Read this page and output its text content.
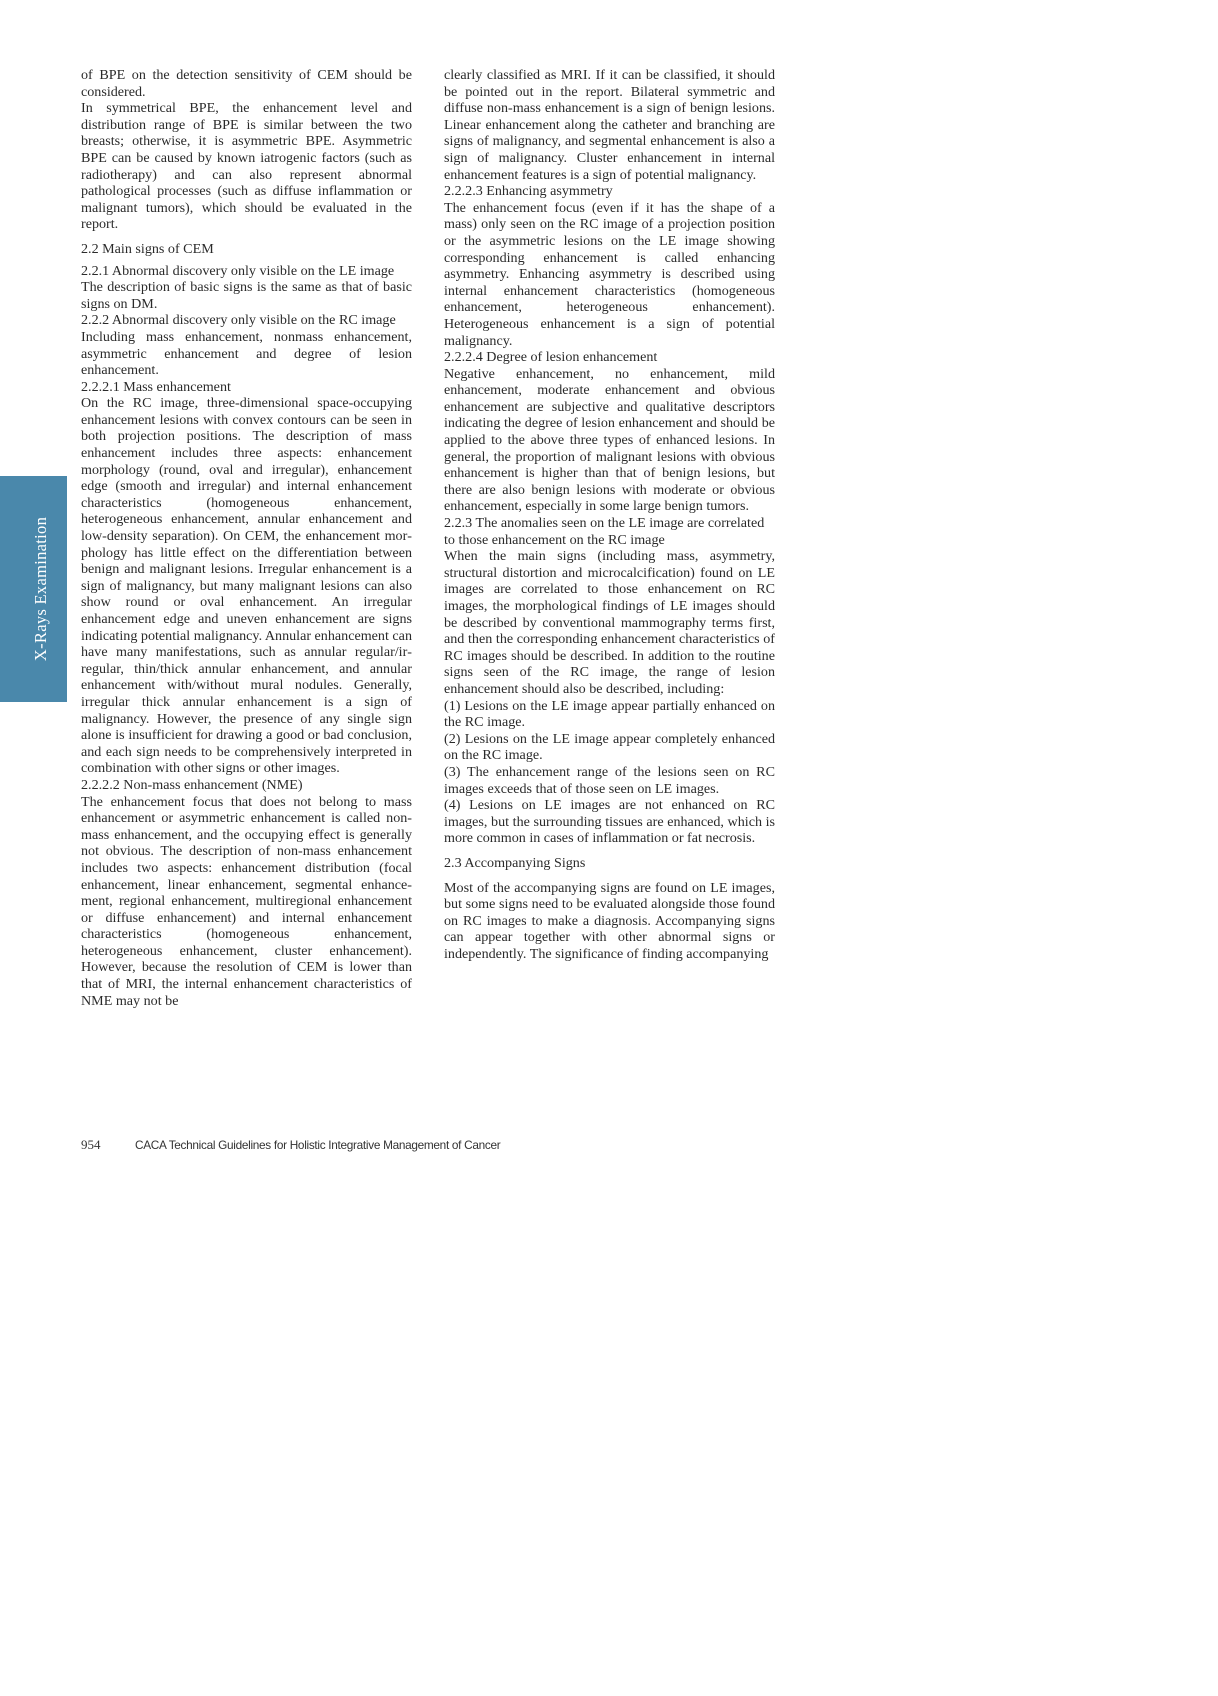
X-Rays Examination

of BPE on the detection sensitivity of CEM should be considered.

In symmetrical BPE, the enhancement level and distribution range of BPE is similar between the two breasts; otherwise, it is asymmetric BPE. Asymmetric BPE can be caused by known iatrogenic factors (such as radiotherapy) and can also represent abnormal pathological processes (such as diffuse inflammation or malignant tumors), which should be evaluated in the report.

2.2 Main signs of CEM

2.2.1 Abnormal discovery only visible on the LE image

The description of basic signs is the same as that of basic signs on DM.

2.2.2 Abnormal discovery only visible on the RC image

Including mass enhancement, nonmass enhancement, asymmetric enhancement and degree of lesion enhancement.

2.2.2.1 Mass enhancement

On the RC image, three-dimensional space-occupying enhancement lesions with convex contours can be seen in both projection positions. The description of mass enhancement includes three aspects: enhancement morphology (round, oval and irregular), enhancement edge (smooth and irregular) and internal enhancement characteristics (homogeneous enhancement, heterogeneous enhancement, annular enhancement and low-density separation). On CEM, the enhancement morphology has little effect on the differentiation between benign and malignant lesions. Irregular enhancement is a sign of malignancy, but many malignant lesions can also show round or oval enhancement. An irregular enhancement edge and uneven enhancement are signs indicating potential malignancy. Annular enhancement can have many manifestations, such as annular regular/irregular, thin/thick annular enhancement, and annular enhancement with/without mural nodules. Generally, irregular thick annular enhancement is a sign of malignancy. However, the presence of any single sign alone is insufficient for drawing a good or bad conclusion, and each sign needs to be comprehensively interpreted in combination with other signs or other images.

2.2.2.2 Non-mass enhancement (NME)

The enhancement focus that does not belong to mass enhancement or asymmetric enhancement is called non-mass enhancement, and the occupying effect is generally not obvious. The description of non-mass enhancement includes two aspects: enhancement distribution (focal enhancement, linear enhancement, segmental enhancement, regional enhancement, multiregional enhancement or diffuse enhancement) and internal enhancement characteristics (homogeneous enhancement, heterogeneous enhancement, cluster enhancement). However, because the resolution of CEM is lower than that of MRI, the internal enhancement characteristics of NME may not be

clearly classified as MRI. If it can be classified, it should be pointed out in the report. Bilateral symmetric and diffuse non-mass enhancement is a sign of benign lesions. Linear enhancement along the catheter and branching are signs of malignancy, and segmental enhancement is also a sign of malignancy. Cluster enhancement in internal enhancement features is a sign of potential malignancy.

2.2.2.3 Enhancing asymmetry

The enhancement focus (even if it has the shape of a mass) only seen on the RC image of a projection position or the asymmetric lesions on the LE image showing corresponding enhancement is called enhancing asymmetry. Enhancing asymmetry is described using internal enhancement characteristics (homogeneous enhancement, heterogeneous enhancement). Heterogeneous enhancement is a sign of potential malignancy.

2.2.2.4 Degree of lesion enhancement

Negative enhancement, no enhancement, mild enhancement, moderate enhancement and obvious enhancement are subjective and qualitative descriptors indicating the degree of lesion enhancement and should be applied to the above three types of enhanced lesions. In general, the proportion of malignant lesions with obvious enhancement is higher than that of benign lesions, but there are also benign lesions with moderate or obvious enhancement, especially in some large benign tumors.

2.2.3 The anomalies seen on the LE image are correlated to those enhancement on the RC image

When the main signs (including mass, asymmetry, structural distortion and microcalcification) found on LE images are correlated to those enhancement on RC images, the morphological findings of LE images should be described by conventional mammography terms first, and then the corresponding enhancement characteristics of RC images should be described. In addition to the routine signs seen of the RC image, the range of lesion enhancement should also be described, including:

(1) Lesions on the LE image appear partially enhanced on the RC image.

(2) Lesions on the LE image appear completely enhanced on the RC image.

(3) The enhancement range of the lesions seen on RC images exceeds that of those seen on LE images.

(4) Lesions on LE images are not enhanced on RC images, but the surrounding tissues are enhanced, which is more common in cases of inflammation or fat necrosis.

2.3 Accompanying Signs

Most of the accompanying signs are found on LE images, but some signs need to be evaluated alongside those found on RC images to make a diagnosis. Accompanying signs can appear together with other abnormal signs or independently. The significance of finding accompanying

954	CACA Technical Guidelines for Holistic Integrative Management of Cancer
